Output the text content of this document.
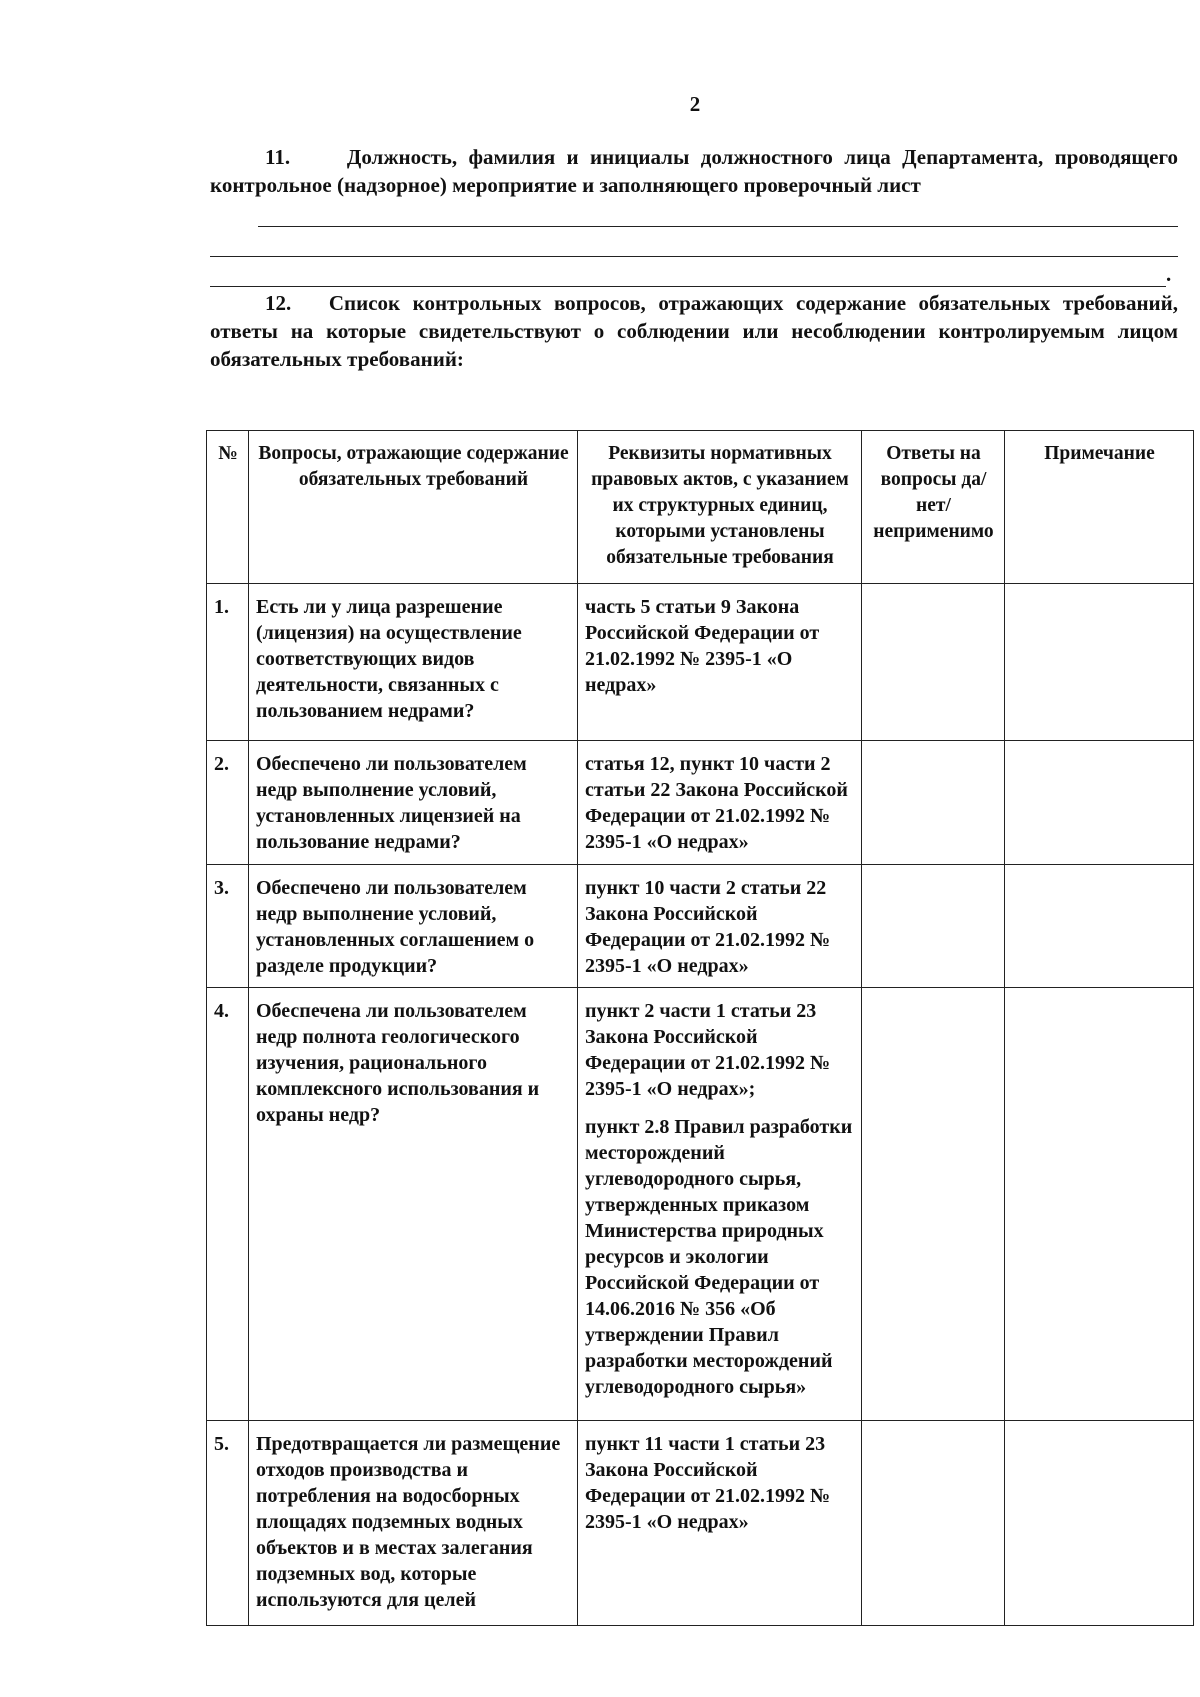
2
11.	Должность, фамилия и инициалы должностного лица Департамента, проводящего контрольное (надзорное) мероприятие и заполняющего проверочный лист
.
12. Список контрольных вопросов, отражающих содержание обязательных требований, ответы на которые свидетельствуют о соблюдении или несоблюдении контролируемым лицом обязательных требований:
№	Вопросы, отражающие содержание обязательных требований	Реквизиты нормативных правовых актов, с указанием их структурных единиц, которыми установлены обязательные требования	Ответы на вопросы да/нет/ неприменимо	Примечание
1.	Есть ли у лица разрешение (лицензия) на осуществление соответствующих видов деятельности, связанных с пользованием недрами?	часть 5 статьи 9 Закона Российской Федерации от 21.02.1992 № 2395-1 «О недрах»		

2.	Обеспечено ли пользователем недр выполнение условий, установленных лицензией на пользование недрами?	статья 12, пункт 10 части 2 статьи 22 Закона Российской Федерации от 21.02.1992 № 2395-1 «О недрах»		

3.	Обеспечено ли пользователем недр выполнение условий, установленных соглашением о разделе продукции?	пункт 10 части 2 статьи 22 Закона Российской Федерации от 21.02.1992 № 2395-1 «О недрах»		

4.	Обеспечена ли пользователем недр полнота геологического изучения, рационального комплексного использования и охраны недр?	пункт 2 части 1 статьи 23 Закона Российской Федерации от 21.02.1992 № 2395-1 «О недрах»;
пункт 2.8 Правил разработки месторождений углеводородного сырья, утвержденных приказом Министерства природных ресурсов и экологии Российской Федерации от 14.06.2016 № 356 «Об утверждении Правил разработки месторождений углеводородного сырья»		

5.	Предотвращается ли размещение отходов производства и потребления на водосборных площадях подземных водных объектов и в местах залегания подземных вод, которые используются для целей	пункт 11 части 1 статьи 23 Закона Российской Федерации от 21.02.1992 № 2395-1 «О недрах»		
